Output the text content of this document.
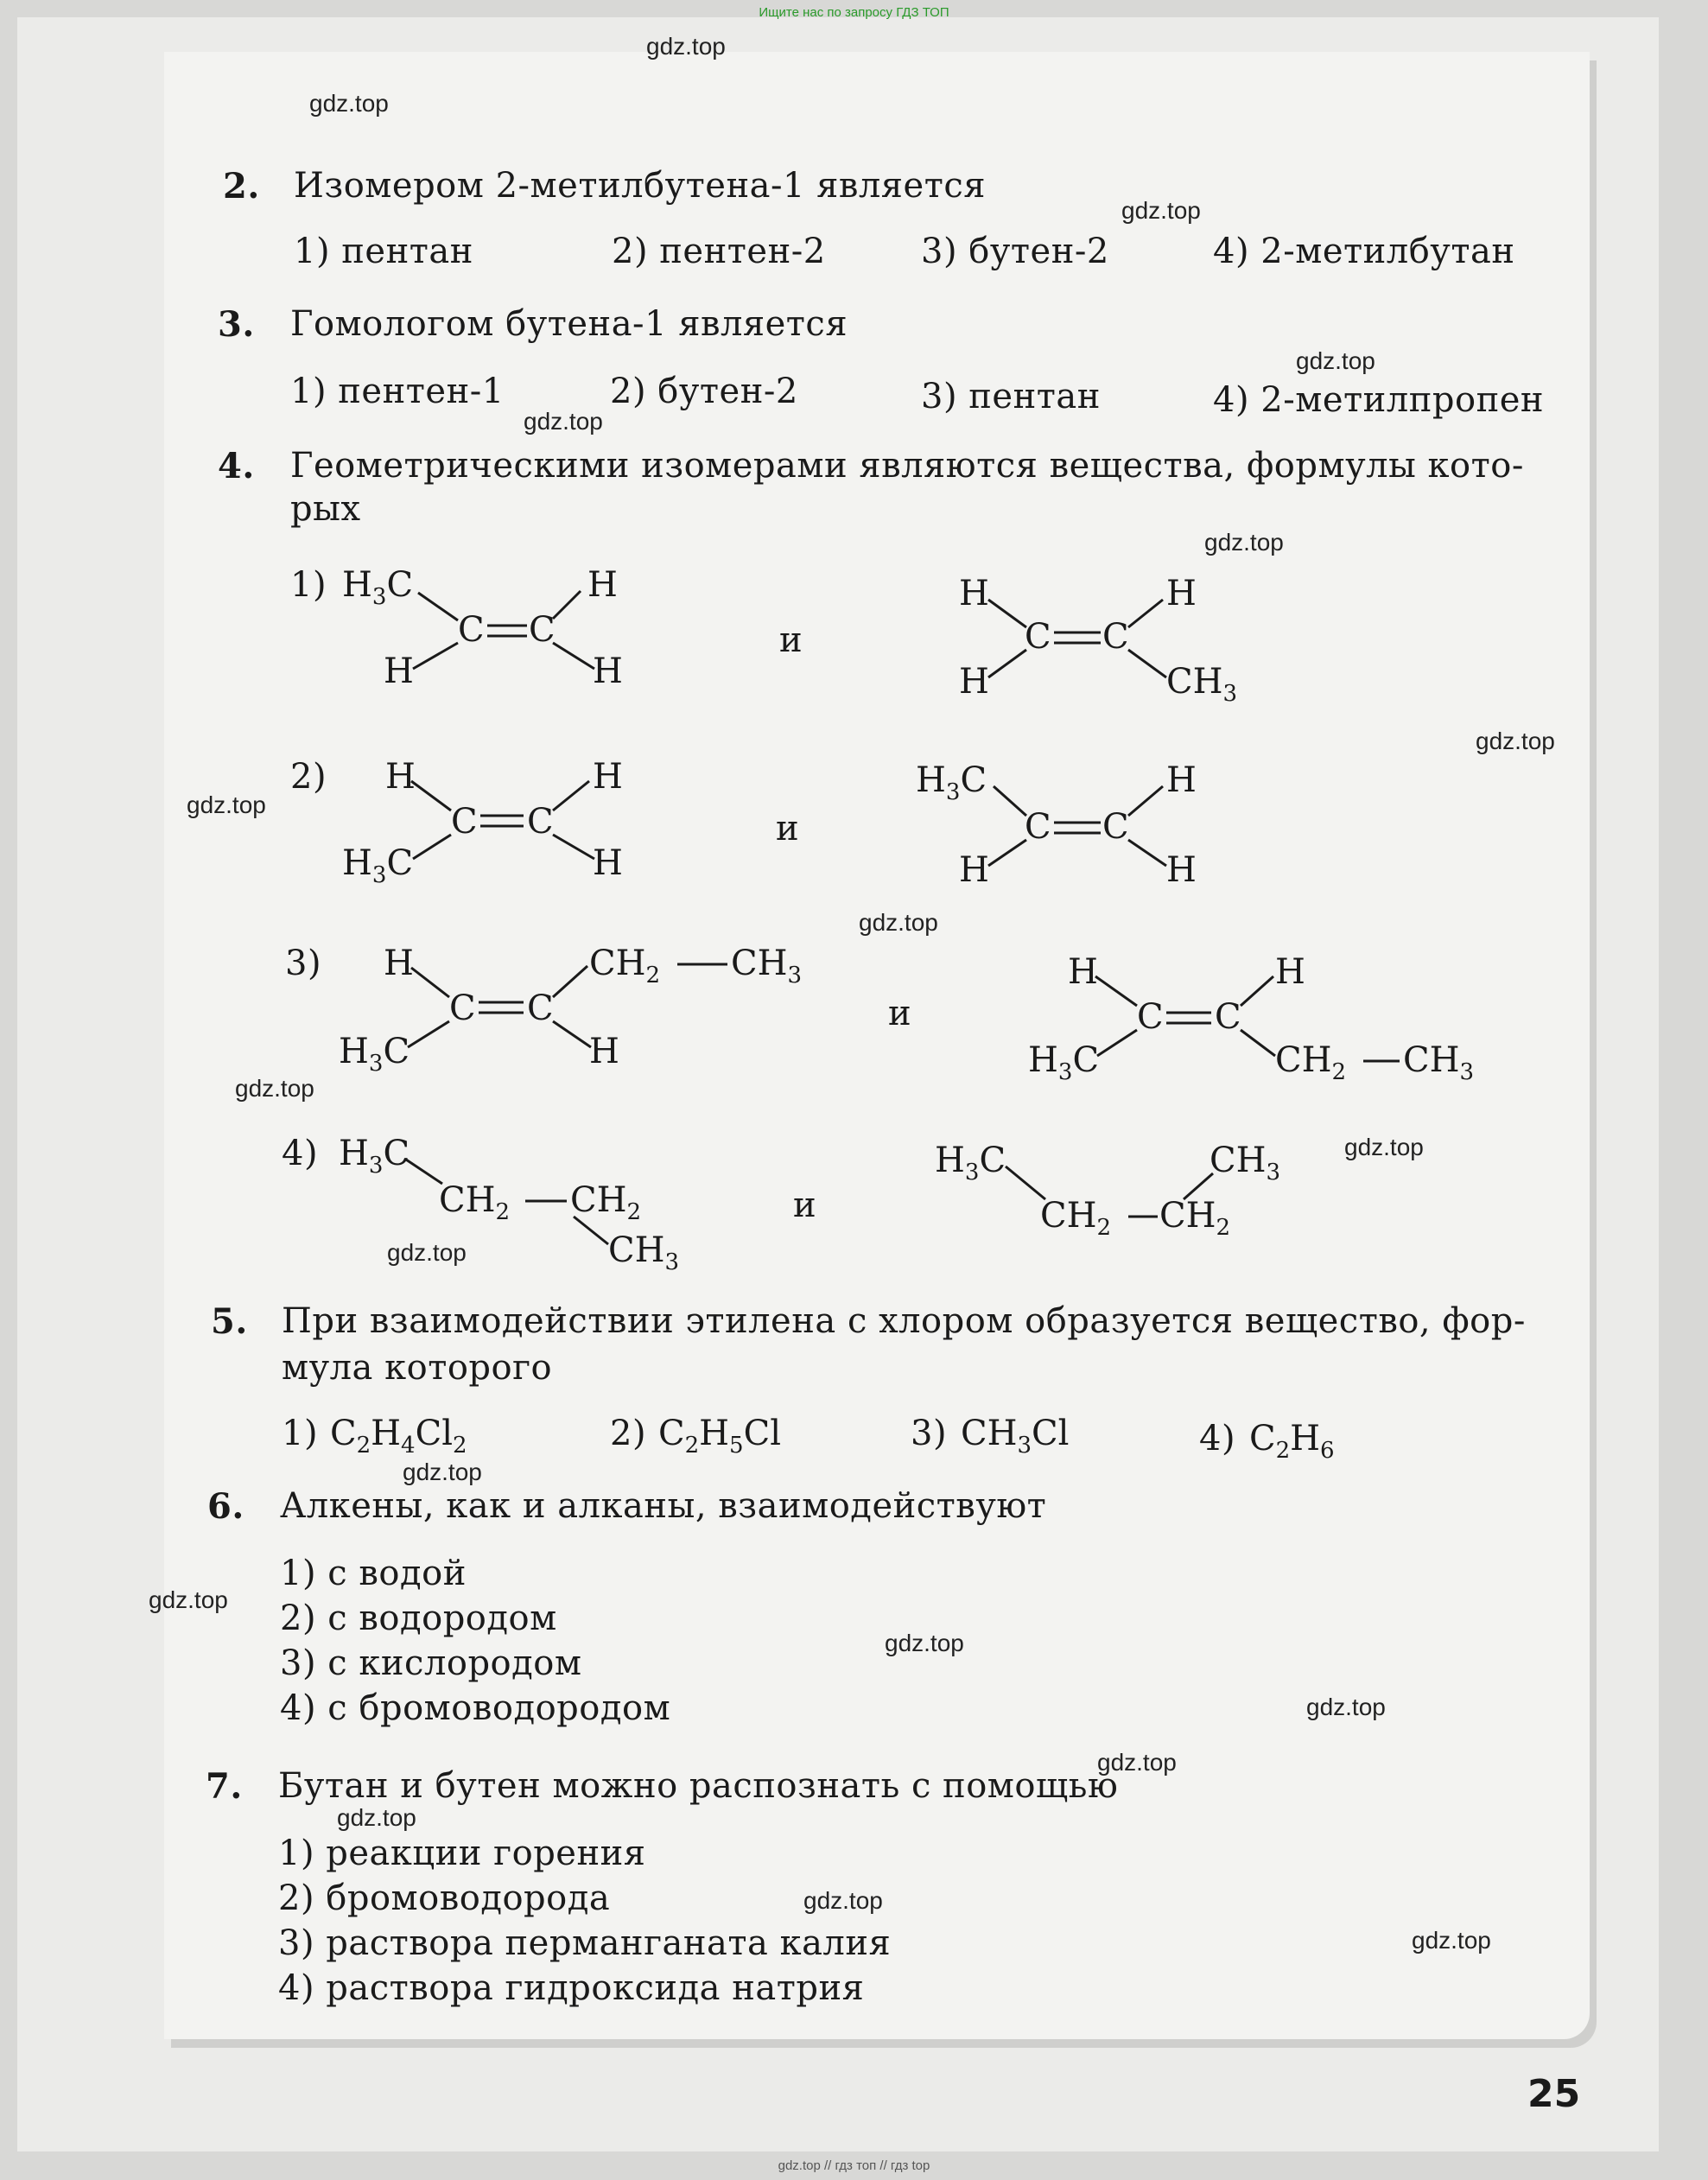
Ищите нас по запросу ГДЗ ТОП
gdz.top
gdz.top
gdz.top
gdz.top
gdz.top
gdz.top
gdz.top
gdz.top
gdz.top
gdz.top
gdz.top
gdz.top
gdz.top
gdz.top
gdz.top
gdz.top
gdz.top
gdz.top
gdz.top
gdz.top
2. Изомером 2-метилбутена-1 является
1) пентан	2) пентен-2	3) бутен-2	4) 2-метилбутан
3. Гомологом бутена-1 является
1) пентен-1	2) бутен-2	3) пентан	4) 2-метилпропен
4. Геометрическими изомерами являются вещества, формулы кото-
рых
1) $H_3C$	H
C C
H	H
и
H	H
C C
H	$CH_3$
2) H	H
C C
$H_3C$	H
и
$H_3C$	H
C C
H	H
3) H	$CH_2$ $CH_3$
C C
$H_3C$	H
и
H	H
C C
$H_3C$	$CH_2$ $CH_3$
4) $H_3C$
$CH_2$ $CH_2$
$CH_3$
и
$H_3C$	$CH_3$
$CH_2$ $CH_2$
5. При взаимодействии этилена с хлором образуется вещество, фор-
мула которого
1) $C_2H_4Cl_2$	2) $C_2H_5Cl$	3) $CH_3Cl$	4) $C_2H_6$
6. Алкены, как и алканы, взаимодействуют
1) с водой
2) с водородом
3) с кислородом
4) с бромоводородом
7. Бутан и бутен можно распознать с помощью
1) реакции горения
2) бромоводорода
3) раствора перманганата калия
4) раствора гидроксида натрия
25
gdz.top // гдз топ // гдз top
